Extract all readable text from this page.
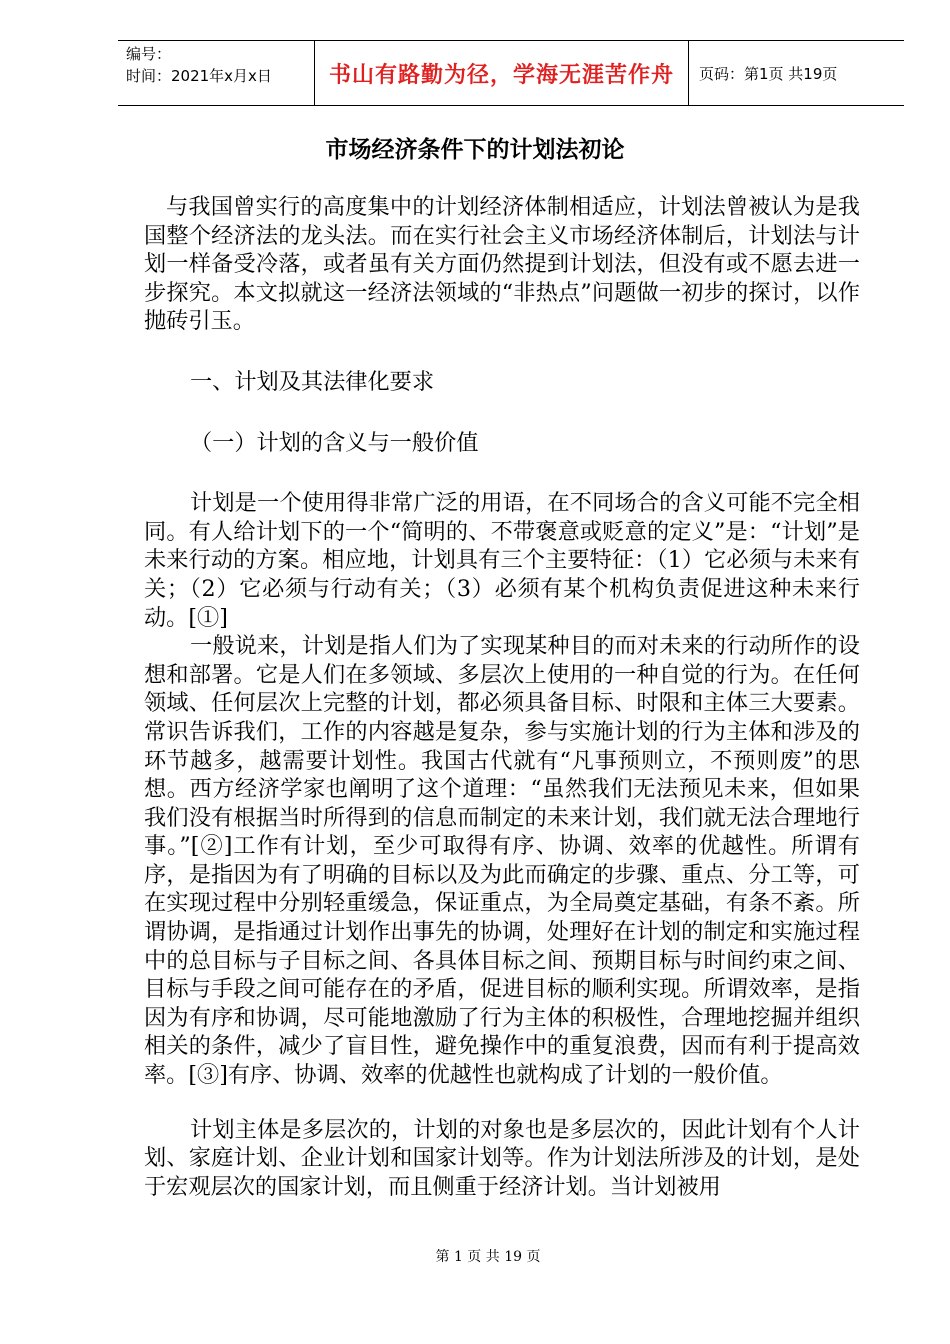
编号：
时间：2021年x月x日	书山有路勤为径，学海无涯苦作舟	页码：第1页 共19页
市场经济条件下的计划法初论

与我国曾实行的高度集中的计划经济体制相适应，计划法曾被认为是我国整个经济法的龙头法。而在实行社会主义市场经济体制后，计划法与计划一样备受冷落，或者虽有关方面仍然提到计划法，但没有或不愿去进一步探究。本文拟就这一经济法领域的“非热点”问题做一初步的探讨，以作抛砖引玉。

一、计划及其法律化要求

（一）计划的含义与一般价值

计划是一个使用得非常广泛的用语，在不同场合的含义可能不完全相同。有人给计划下的一个“简明的、不带褒意或贬意的定义”是：“计划”是未来行动的方案。相应地，计划具有三个主要特征：（1）它必须与未来有关；（2）它必须与行动有关；（3）必须有某个机构负责促进这种未来行动。[①]

一般说来，计划是指人们为了实现某种目的而对未来的行动所作的设想和部署。它是人们在多领域、多层次上使用的一种自觉的行为。在任何领域、任何层次上完整的计划，都必须具备目标、时限和主体三大要素。常识告诉我们，工作的内容越是复杂，参与实施计划的行为主体和涉及的环节越多，越需要计划性。我国古代就有“凡事预则立，不预则废”的思想。西方经济学家也阐明了这个道理：“虽然我们无法预见未来，但如果我们没有根据当时所得到的信息而制定的未来计划，我们就无法合理地行事。”[②]工作有计划，至少可取得有序、协调、效率的优越性。所谓有序，是指因为有了明确的目标以及为此而确定的步骤、重点、分工等，可在实现过程中分别轻重缓急，保证重点，为全局奠定基础，有条不紊。所谓协调，是指通过计划作出事先的协调，处理好在计划的制定和实施过程中的总目标与子目标之间、各具体目标之间、预期目标与时间约束之间、目标与手段之间可能存在的矛盾，促进目标的顺利实现。所谓效率，是指因为有序和协调，尽可能地激励了行为主体的积极性，合理地挖掘并组织相关的条件，减少了盲目性，避免操作中的重复浪费，因而有利于提高效率。[③]有序、协调、效率的优越性也就构成了计划的一般价值。

计划主体是多层次的，计划的对象也是多层次的，因此计划有个人计划、家庭计划、企业计划和国家计划等。作为计划法所涉及的计划，是处于宏观层次的国家计划，而且侧重于经济计划。当计划被用

第 1 页 共 19 页
